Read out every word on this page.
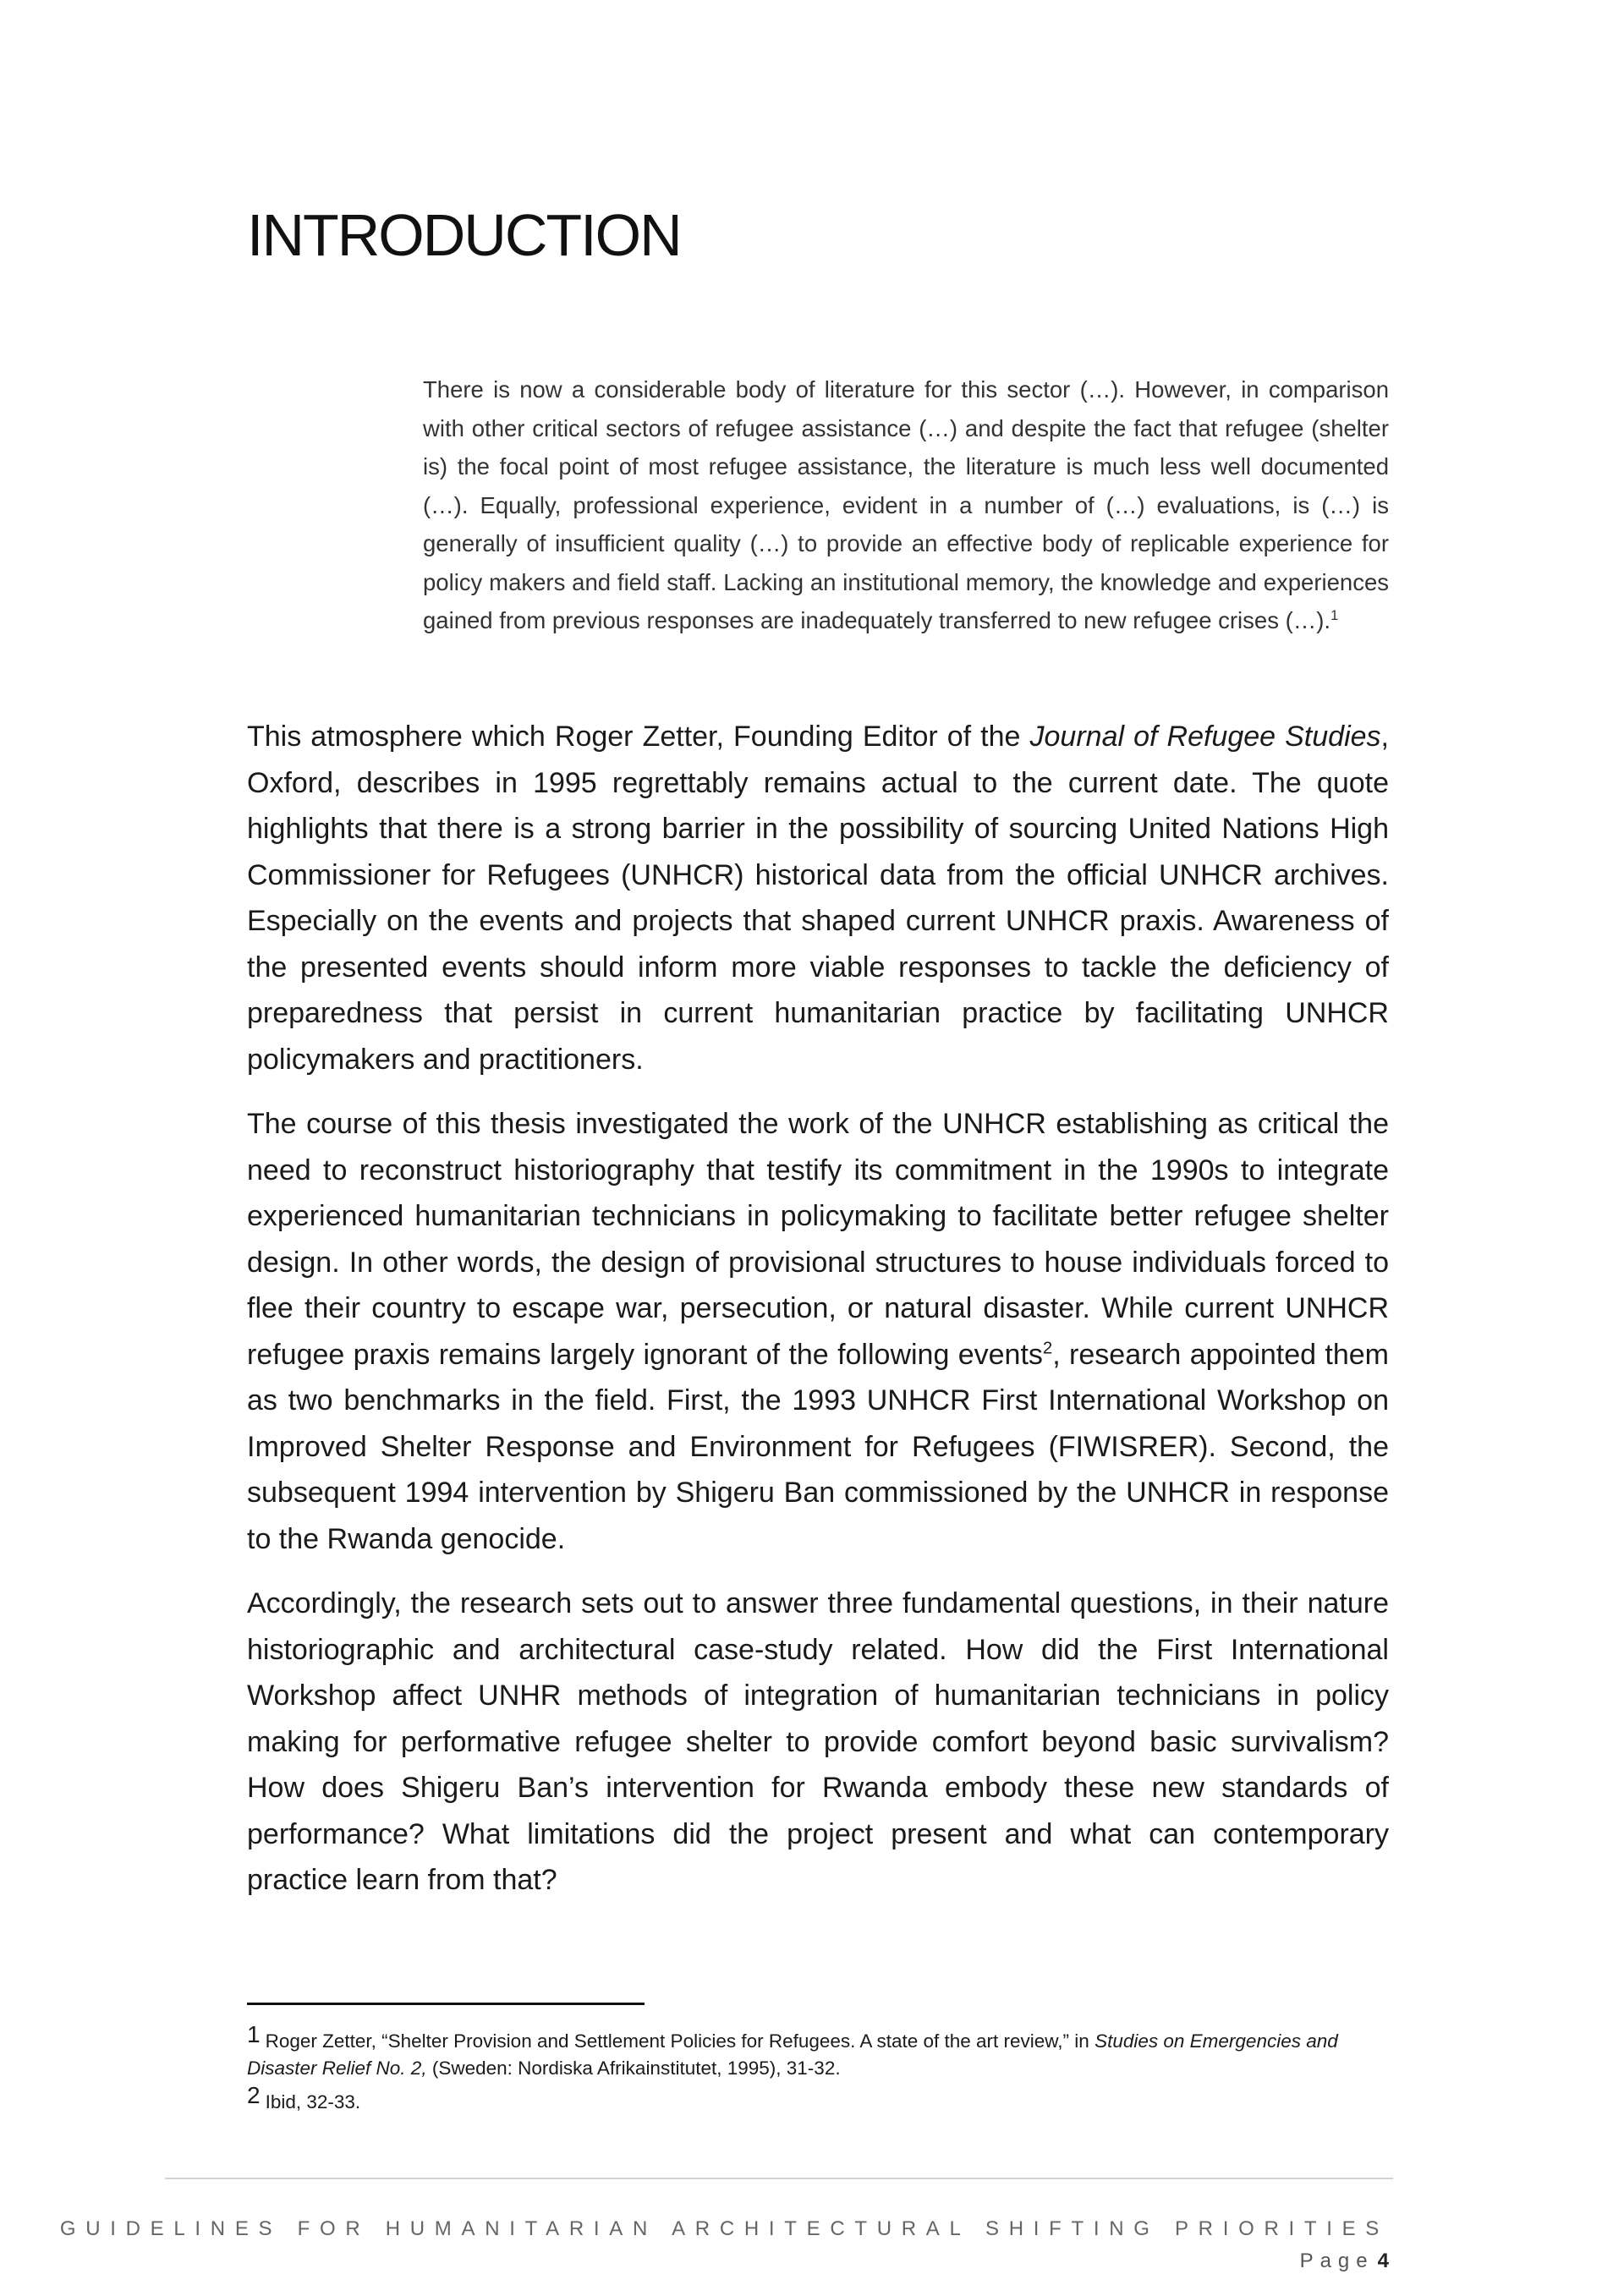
INTRODUCTION

There is now a considerable body of literature for this sector (…). However, in comparison with other critical sectors of refugee assistance (…) and despite the fact that refugee (shelter is) the focal point of most refugee assistance, the literature is much less well documented (…). Equally, professional experience, evident in a number of (…) evaluations, is (…) is generally of insufficient quality (…) to provide an effective body of replicable experience for policy makers and field staff. Lacking an institutional memory, the knowledge and experiences gained from previous responses are inadequately transferred to new refugee crises (…).$^1$

This atmosphere which Roger Zetter, Founding Editor of the Journal of Refugee Studies, Oxford, describes in 1995 regrettably remains actual to the current date. The quote highlights that there is a strong barrier in the possibility of sourcing United Nations High Commissioner for Refugees (UNHCR) historical data from the official UNHCR archives. Especially on the events and projects that shaped current UNHCR praxis. Awareness of the presented events should inform more viable responses to tackle the deficiency of preparedness that persist in current humanitarian practice by facilitating UNHCR policymakers and practitioners.

The course of this thesis investigated the work of the UNHCR establishing as critical the need to reconstruct historiography that testify its commitment in the 1990s to integrate experienced humanitarian technicians in policymaking to facilitate better refugee shelter design. In other words, the design of provisional structures to house individuals forced to flee their country to escape war, persecution, or natural disaster. While current UNHCR refugee praxis remains largely ignorant of the following events$^2$, research appointed them as two benchmarks in the field. First, the 1993 UNHCR First International Workshop on Improved Shelter Response and Environment for Refugees (FIWISRER). Second, the subsequent 1994 intervention by Shigeru Ban commissioned by the UNHCR in response to the Rwanda genocide.

Accordingly, the research sets out to answer three fundamental questions, in their nature historiographic and architectural case-study related. How did the First International Workshop affect UNHR methods of integration of humanitarian technicians in policy making for performative refugee shelter to provide comfort beyond basic survivalism? How does Shigeru Ban’s intervention for Rwanda embody these new standards of performance? What limitations did the project present and what can contemporary practice learn from that?

1 Roger Zetter, “Shelter Provision and Settlement Policies for Refugees. A state of the art review,” in Studies on Emergencies and Disaster Relief No. 2, (Sweden: Nordiska Afrikainstitutet, 1995), 31-32.

2 Ibid, 32-33.

GUIDELINES FOR HUMANITARIAN ARCHITECTURAL SHIFTING PRIORITIES

Page 4
